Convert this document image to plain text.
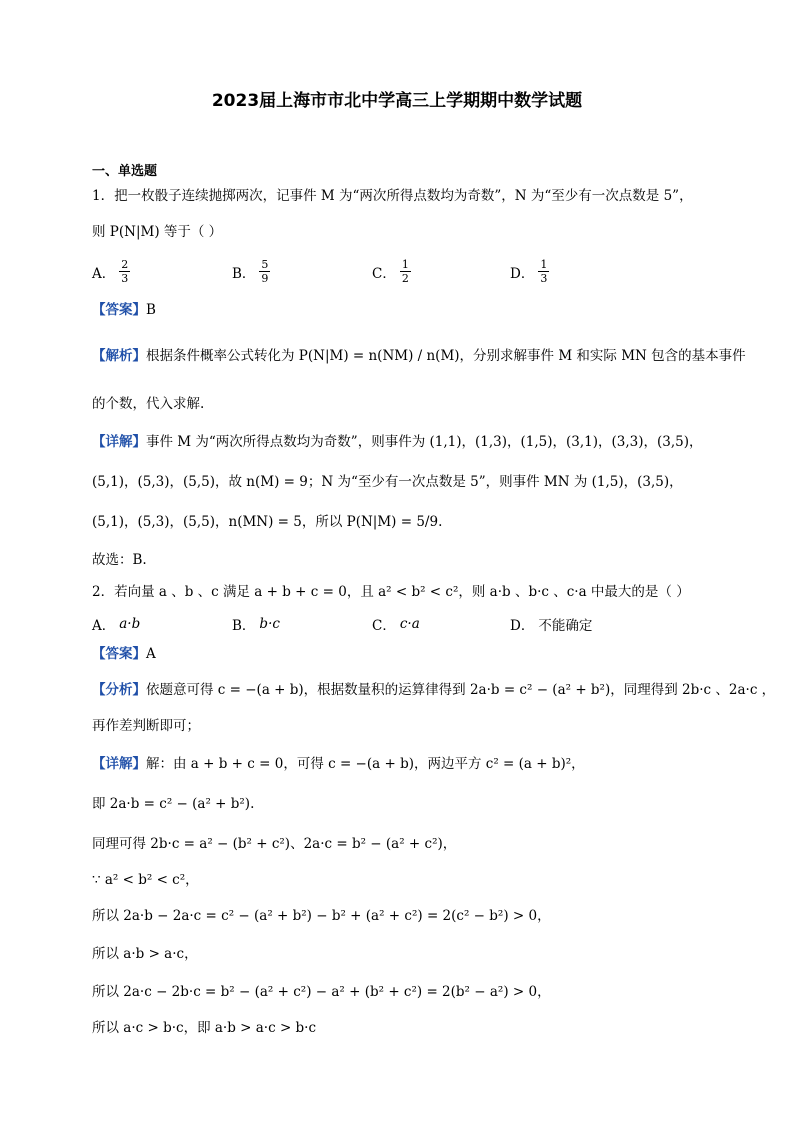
2023届上海市市北中学高三上学期期中数学试题
一、单选题
1．把一枚骰子连续抛掷两次，记事件 M 为“两次所得点数均为奇数”，N 为“至少有一次点数是 5”，
则 P(N|M) 等于（ ）
A． $\frac{2}{3}$	B． $\frac{5}{9}$	C． $\frac{1}{2}$	D． $\frac{1}{3}$
【答案】B
【解析】根据条件概率公式转化为 P(N|M) = n(NM) / n(M)，分别求解事件 M 和实际 MN 包含的基本事件
的个数，代入求解.
【详解】事件 M 为“两次所得点数均为奇数”，则事件为 (1,1)，(1,3)，(1,5)，(3,1)，(3,3)，(3,5)，
(5,1)，(5,3)，(5,5)，故 n(M) = 9；N 为“至少有一次点数是 5”，则事件 MN 为 (1,5)，(3,5)，
(5,1)，(5,3)，(5,5)，n(MN) = 5，所以 P(N|M) = 5/9.
故选：B.
2．若向量 a 、b 、c 满足 a + b + c = 0，且 a² < b² < c²，则 a·b 、b·c 、c·a 中最大的是（ ）
A． a·b	B． b·c	C． c·a	D． 不能确定
【答案】A
【分析】依题意可得 c = −(a + b)，根据数量积的运算律得到 2a·b = c² − (a² + b²)，同理得到 2b·c 、2a·c ，
再作差判断即可；
【详解】解：由 a + b + c = 0，可得 c = −(a + b)，两边平方 c² = (a + b)²，
即 2a·b = c² − (a² + b²).
同理可得 2b·c = a² − (b² + c²)、2a·c = b² − (a² + c²)，
∵ a² < b² < c²，
所以 2a·b − 2a·c = c² − (a² + b²) − b² + (a² + c²) = 2(c² − b²) > 0，
所以 a·b > a·c，
所以 2a·c − 2b·c = b² − (a² + c²) − a² + (b² + c²) = 2(b² − a²) > 0，
所以 a·c > b·c，即 a·b > a·c > b·c
